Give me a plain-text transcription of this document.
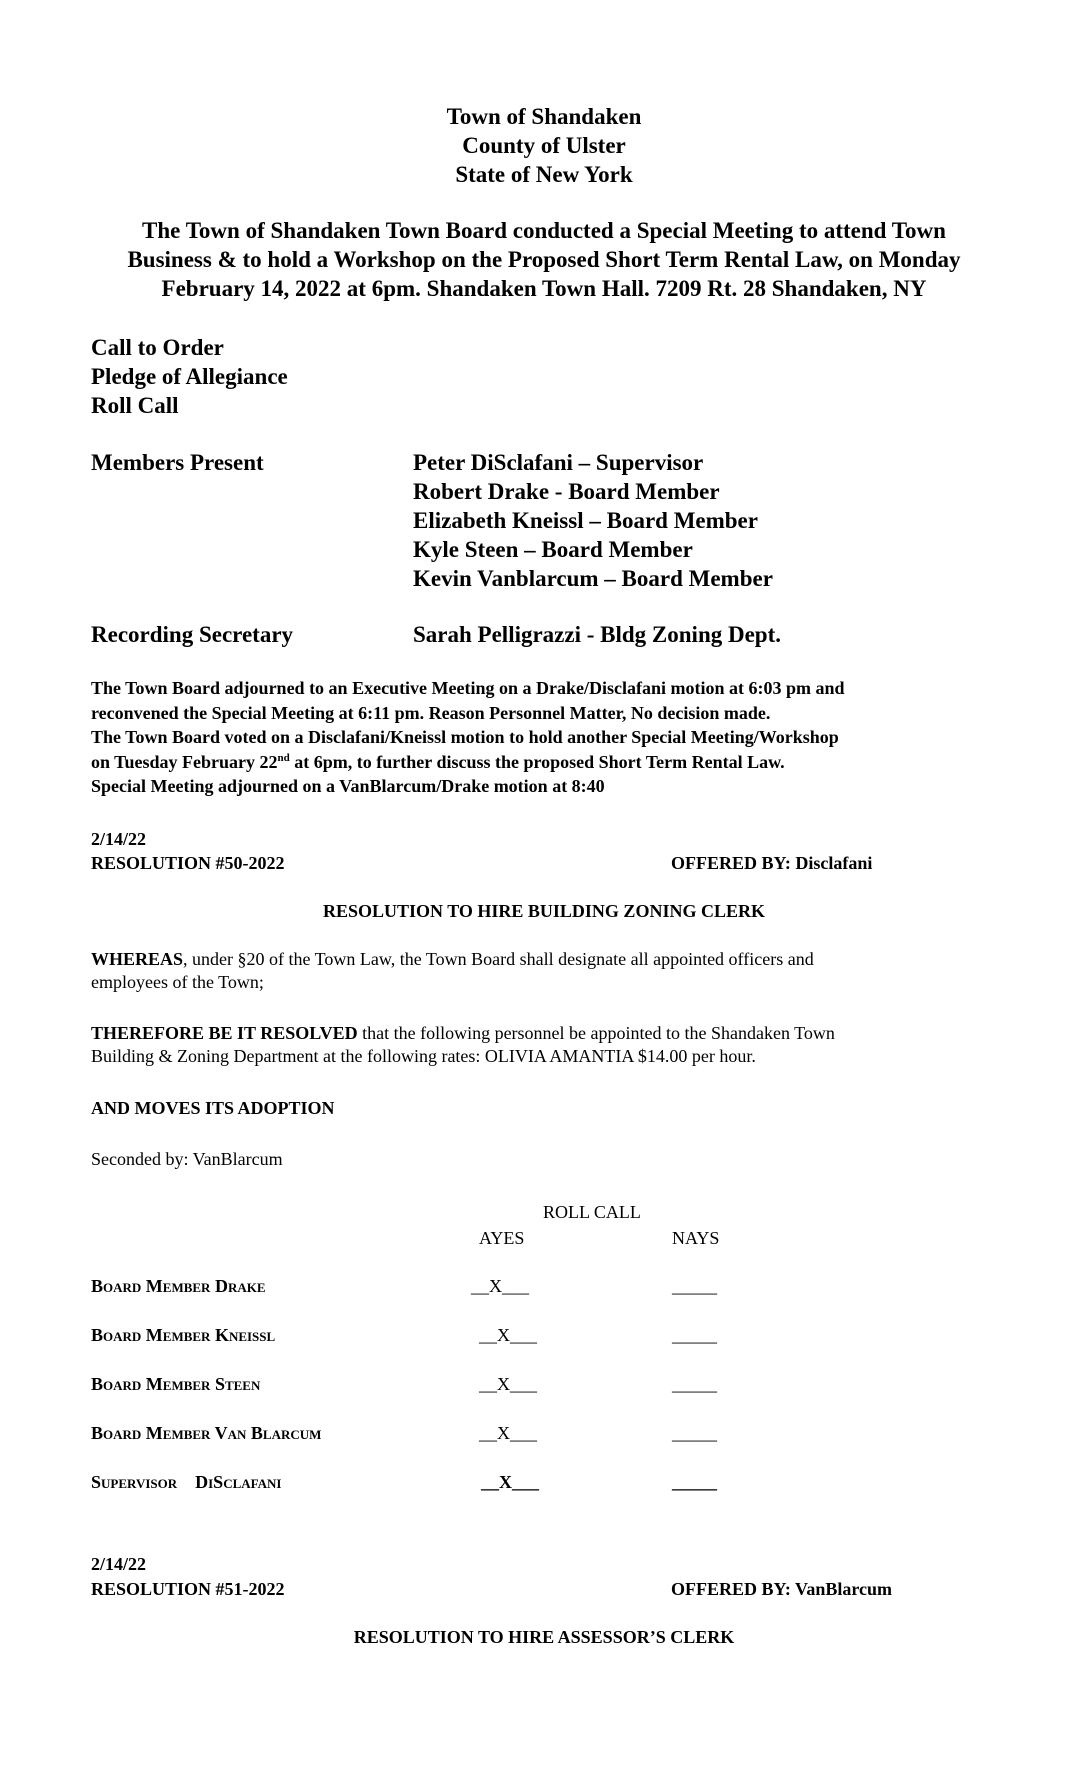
Town of Shandaken
County of Ulster
State of New York
The Town of Shandaken Town Board conducted a Special Meeting to attend Town
Business & to hold a Workshop on the Proposed Short Term Rental Law, on Monday
February 14, 2022 at 6pm. Shandaken Town Hall. 7209 Rt. 28 Shandaken, NY
Call to Order
Pledge of Allegiance
Roll Call
Members Present	Peter DiSclafani – Supervisor
Robert Drake - Board Member
Elizabeth Kneissl – Board Member
Kyle Steen – Board Member
Kevin Vanblarcum – Board Member
Recording Secretary	Sarah Pelligrazzi - Bldg Zoning Dept.
The Town Board adjourned to an Executive Meeting on a Drake/Disclafani motion at 6:03 pm and
reconvened the Special Meeting at 6:11 pm. Reason Personnel Matter, No decision made.
The Town Board voted on a Disclafani/Kneissl motion to hold another Special Meeting/Workshop
on Tuesday February 22nd at 6pm, to further discuss the proposed Short Term Rental Law.
Special Meeting adjourned on a VanBlarcum/Drake motion at 8:40
2/14/22
RESOLUTION #50-2022	OFFERED BY: Disclafani
RESOLUTION TO HIRE BUILDING ZONING CLERK
WHEREAS, under §20 of the Town Law, the Town Board shall designate all appointed officers and
employees of the Town;
THEREFORE BE IT RESOLVED that the following personnel be appointed to the Shandaken Town
Building & Zoning Department at the following rates: OLIVIA AMANTIA $14.00 per hour.
AND MOVES ITS ADOPTION
Seconded by: VanBlarcum
ROLL CALL
AYES	NAYS
Board Member Drake	__X___	_____
Board Member Kneissl	__X___	_____
Board Member Steen	__X___	_____
Board Member Van Blarcum	__X___	_____
Supervisor    DiSclafani	__X___	_____
2/14/22
RESOLUTION #51-2022	OFFERED BY: VanBlarcum
RESOLUTION TO HIRE ASSESSOR’S CLERK
